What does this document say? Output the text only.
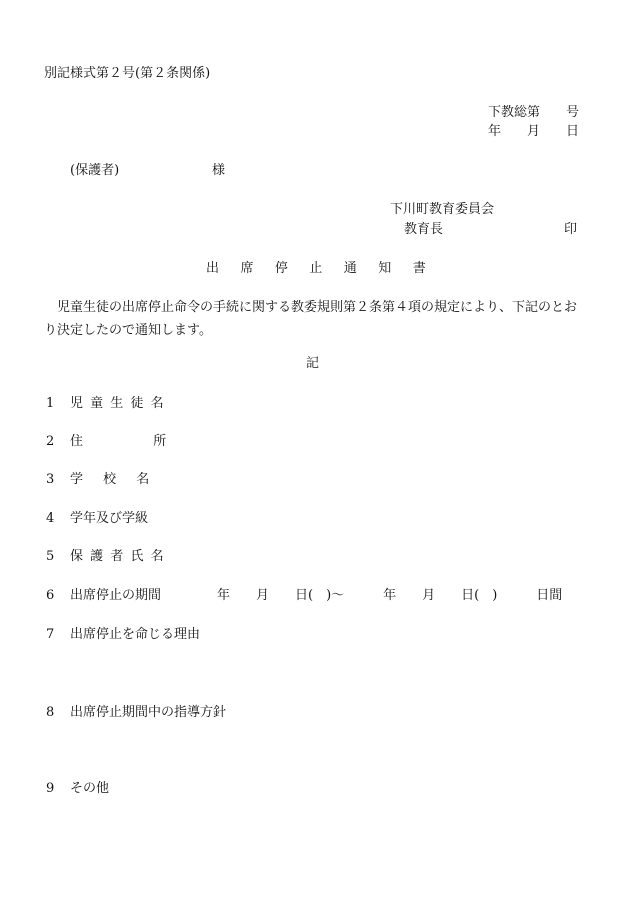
別記様式第２号(第２条関係)
下教総第　　号
年　　月　　日
(保護者)	様
下川町教育委員会
教育長	印
出席停止通知書
児童生徒の出席停止命令の手続に関する教委規則第２条第４項の規定により、下記のとおり決定したので通知します。
記
1 児童生徒名
2 住所
3 学校名
4 学年及び学級
5 保護者氏名
6 出席停止の期間	年　　月　　日(　)～　　　年　　月　　日(　)　　　日間
7 出席停止を命じる理由
8 出席停止期間中の指導方針
9 その他
